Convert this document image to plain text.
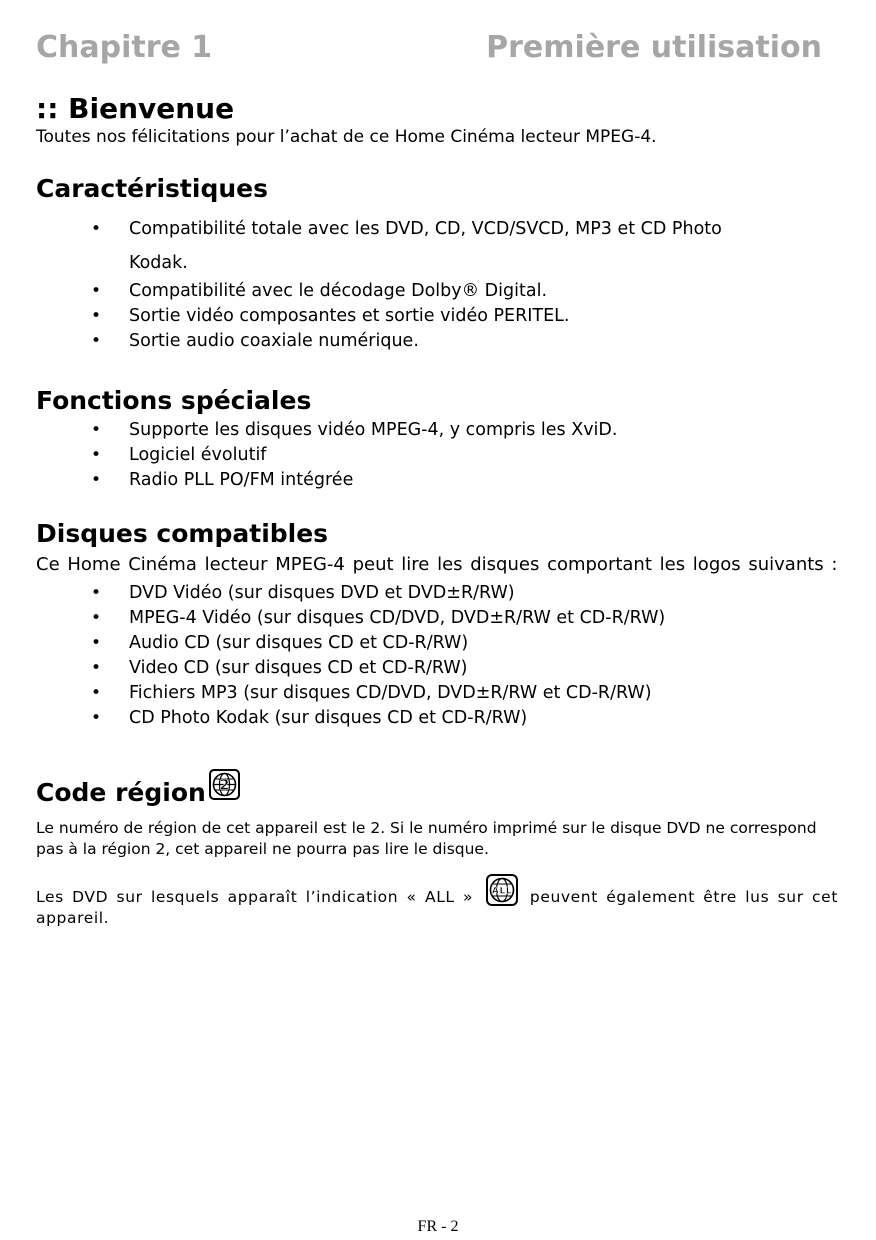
Chapitre 1	Première utilisation
:: Bienvenue

Toutes nos félicitations pour l’achat de ce Home Cinéma lecteur MPEG-4.

Caractéristiques
• Compatibilité totale avec les DVD, CD, VCD/SVCD, MP3 et CD Photo
Kodak.
• Compatibilité avec le décodage Dolby® Digital.
• Sortie vidéo composantes et sortie vidéo PERITEL.
• Sortie audio coaxiale numérique.
Fonctions spéciales
• Supporte les disques vidéo MPEG-4, y compris les XviD.
• Logiciel évolutif
• Radio PLL PO/FM intégrée
Disques compatibles

Ce Home Cinéma lecteur MPEG-4 peut lire les disques comportant les logos suivants :

• DVD Vidéo (sur disques DVD et DVD±R/RW)
• MPEG-4 Vidéo (sur disques CD/DVD, DVD±R/RW et CD-R/RW)
• Audio CD (sur disques CD et CD-R/RW)
• Video CD (sur disques CD et CD-R/RW)
• Fichiers MP3 (sur disques CD/DVD, DVD±R/RW et CD-R/RW)
• CD Photo Kodak (sur disques CD et CD-R/RW)
Code région 2

Le numéro de région de cet appareil est le 2. Si le numéro imprimé sur le disque DVD ne correspond pas à la région 2, cet appareil ne pourra pas lire le disque.

Les DVD sur lesquels apparaît l’indication « ALL » ALL peuvent également être lus sur cet appareil.

FR - 2
